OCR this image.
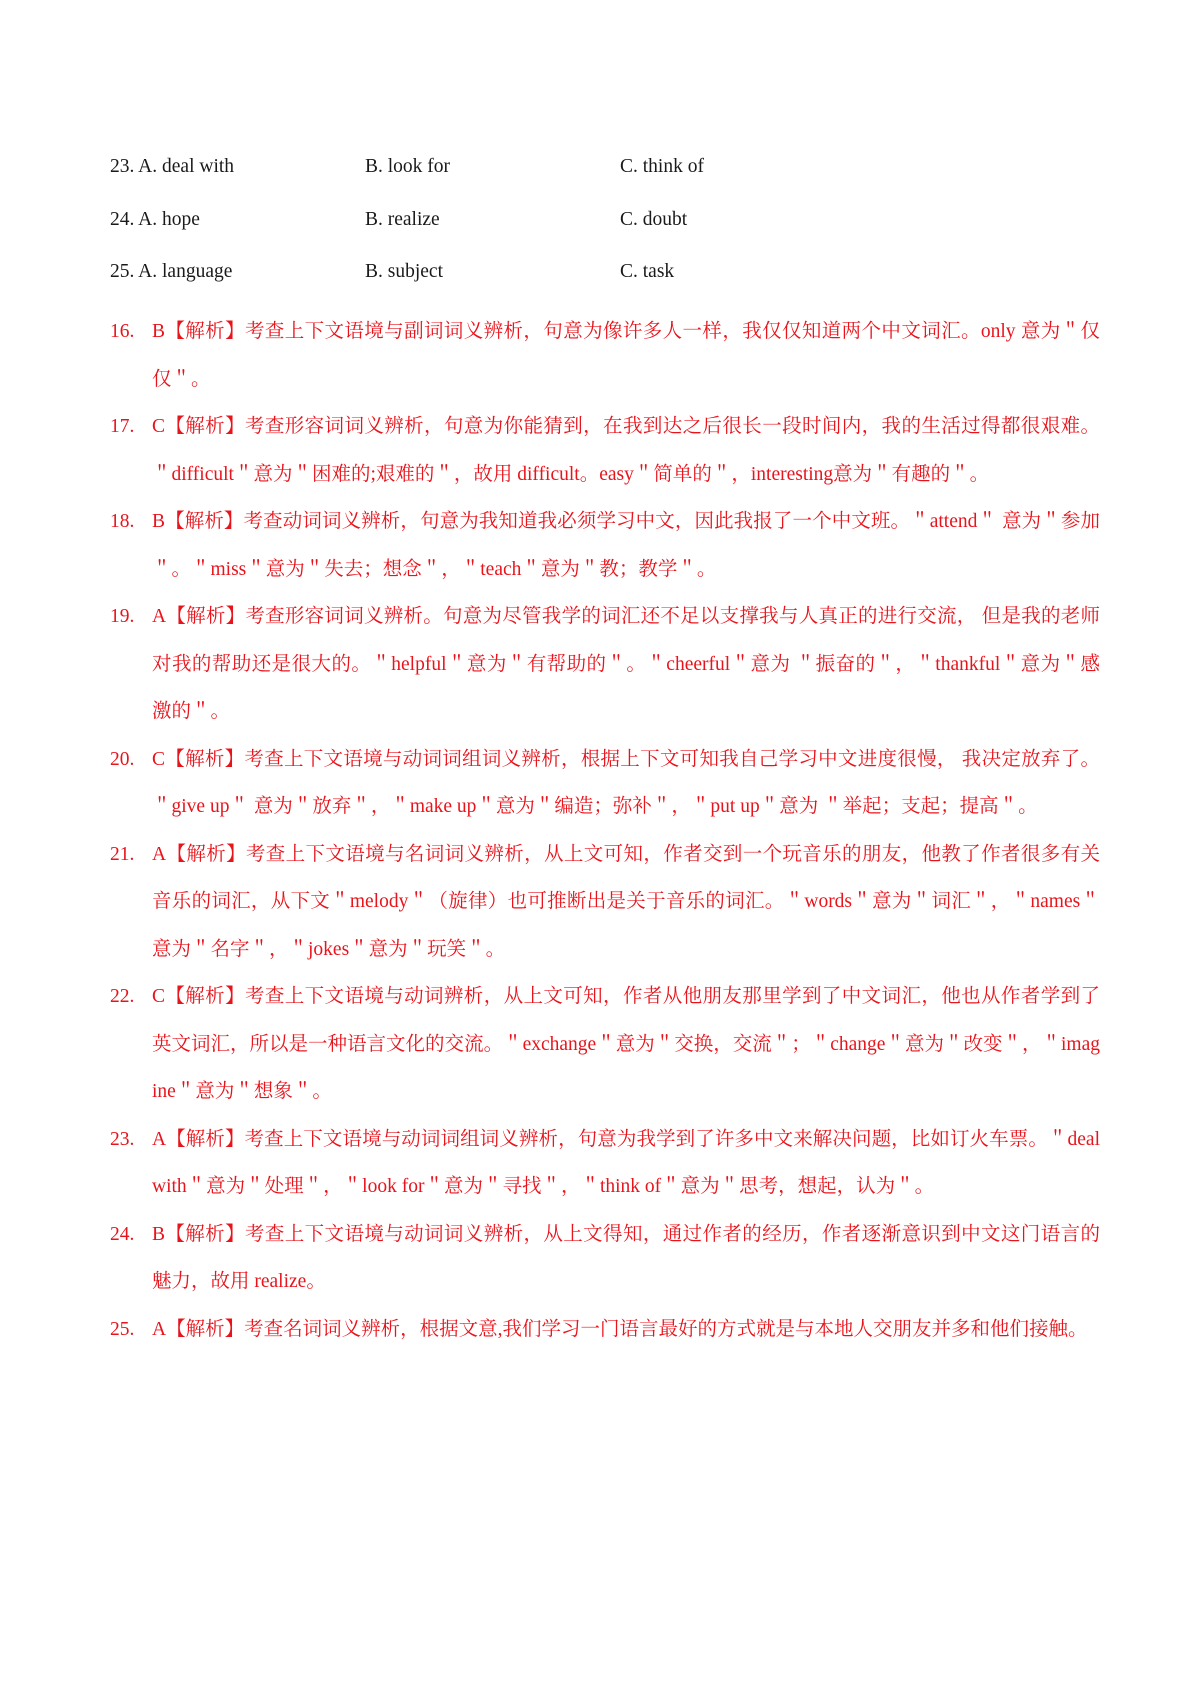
23. A. deal with	B. look for	C. think of
24. A. hope	B. realize	C. doubt
25. A. language	B. subject	C. task
16. B【解析】考查上下文语境与副词词义辨析，句意为像许多人一样，我仅仅知道两个中文词汇。only 意为＂仅仅＂。
17. C【解析】考查形容词词义辨析，句意为你能猜到，在我到达之后很长一段时间内，我的生活过得都很艰难。＂difficult＂意为＂困难的;艰难的＂，故用 difficult。easy＂简单的＂，interesting意为＂有趣的＂。
18. B【解析】考查动词词义辨析，句意为我知道我必须学习中文，因此我报了一个中文班。＂attend＂ 意为＂参加＂。＂miss＂意为＂失去；想念＂，＂teach＂意为＂教；教学＂。
19. A【解析】考查形容词词义辨析。句意为尽管我学的词汇还不足以支撑我与人真正的进行交流， 但是我的老师对我的帮助还是很大的。＂helpful＂意为＂有帮助的＂。＂cheerful＂意为 ＂振奋的＂，＂thankful＂意为＂感激的＂。
20. C【解析】考查上下文语境与动词词组词义辨析，根据上下文可知我自己学习中文进度很慢， 我决定放弃了。＂give up＂ 意为＂放弃＂，＂make up＂意为＂编造；弥补＂，＂put up＂意为 ＂举起；支起；提高＂。
21. A【解析】考查上下文语境与名词词义辨析，从上文可知，作者交到一个玩音乐的朋友，他教了作者很多有关音乐的词汇，从下文＂melody＂（旋律）也可推断出是关于音乐的词汇。＂words＂意为＂词汇＂，＂names＂意为＂名字＂，＂jokes＂意为＂玩笑＂。
22. C【解析】考查上下文语境与动词辨析，从上文可知，作者从他朋友那里学到了中文词汇，他也从作者学到了英文词汇，所以是一种语言文化的交流。＂exchange＂意为＂交换，交流＂；＂change＂意为＂改变＂，＂imagine＂意为＂想象＂。
23. A【解析】考查上下文语境与动词词组词义辨析，句意为我学到了许多中文来解决问题，比如订火车票。＂deal with＂意为＂处理＂，＂look for＂意为＂寻找＂，＂think of＂意为＂思考，想起，认为＂。
24. B【解析】考查上下文语境与动词词义辨析，从上文得知，通过作者的经历，作者逐渐意识到中文这门语言的魅力，故用 realize。
25. A【解析】考查名词词义辨析，根据文意,我们学习一门语言最好的方式就是与本地人交朋友并多和他们接触。
